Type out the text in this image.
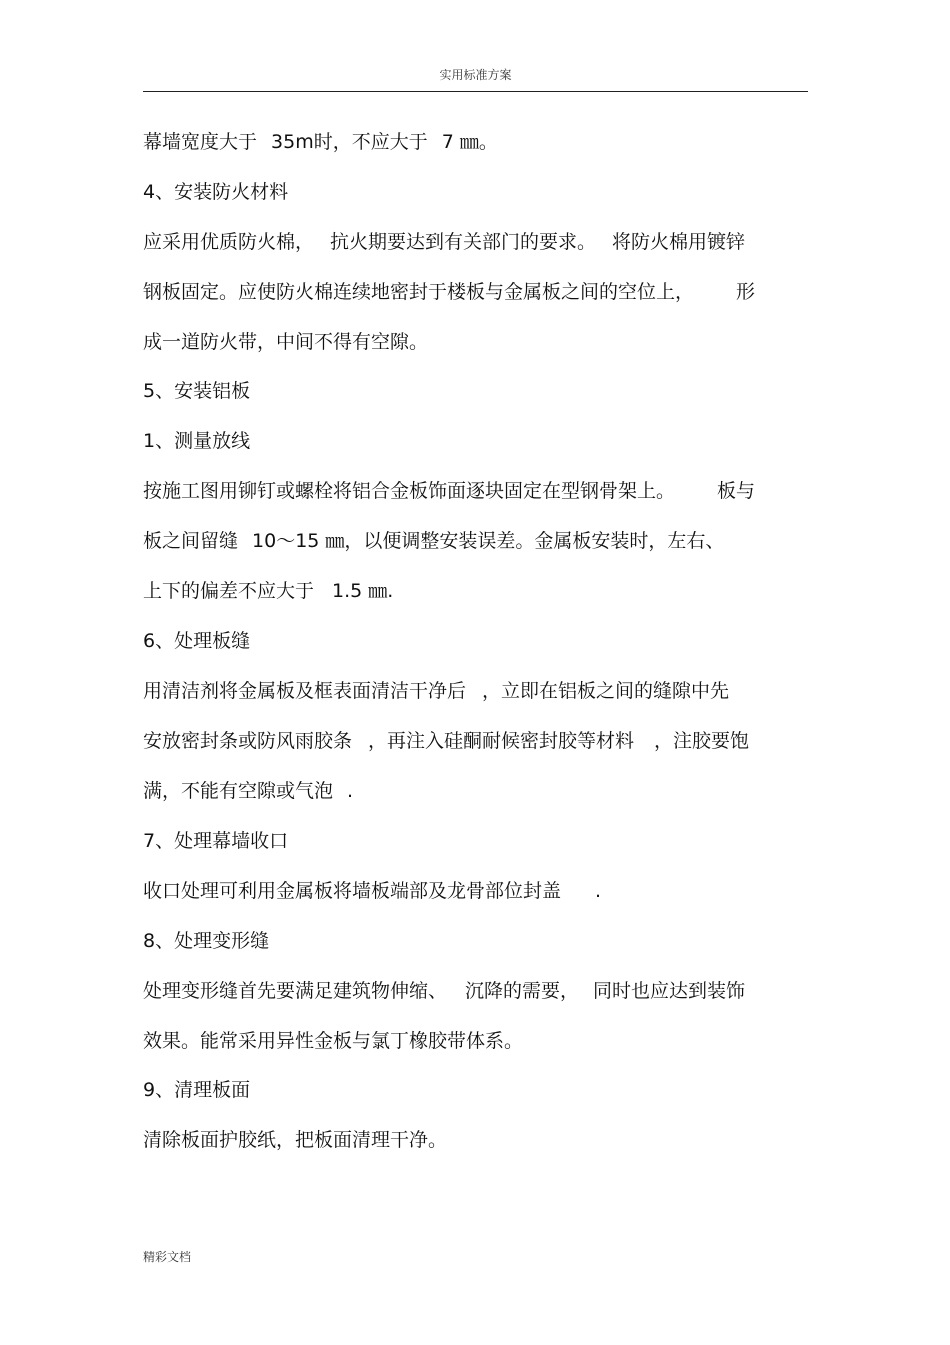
实用标准方案
幕墙宽度大于 35m时，不应大于 7 ㎜。
4、安装防火材料
应采用优质防火棉， 抗火期要达到有关部门的要求。 将防火棉用镀锌
钢板固定。应使防火棉连续地密封于楼板与金属板之间的空位上， 形
成一道防火带，中间不得有空隙。
5、安装铝板
1、测量放线
按施工图用铆钉或螺栓将铝合金板饰面逐块固定在型钢骨架上。 板与
板之间留缝 10～15 ㎜，以便调整安装误差。金属板安装时，左右、
上下的偏差不应大于 1.5 ㎜.
6、处理板缝
用清洁剂将金属板及框表面清洁干净后 ，立即在铝板之间的缝隙中先
安放密封条或防风雨胶条 ，再注入硅酮耐候密封胶等材料 ，注胶要饱
满，不能有空隙或气泡 .
7、处理幕墙收口
收口处理可利用金属板将墙板端部及龙骨部位封盖 .
8、处理变形缝
处理变形缝首先要满足建筑物伸缩、 沉降的需要， 同时也应达到装饰
效果。能常采用异性金板与氯丁橡胶带体系。
9、清理板面
清除板面护胶纸，把板面清理干净。
精彩文档
